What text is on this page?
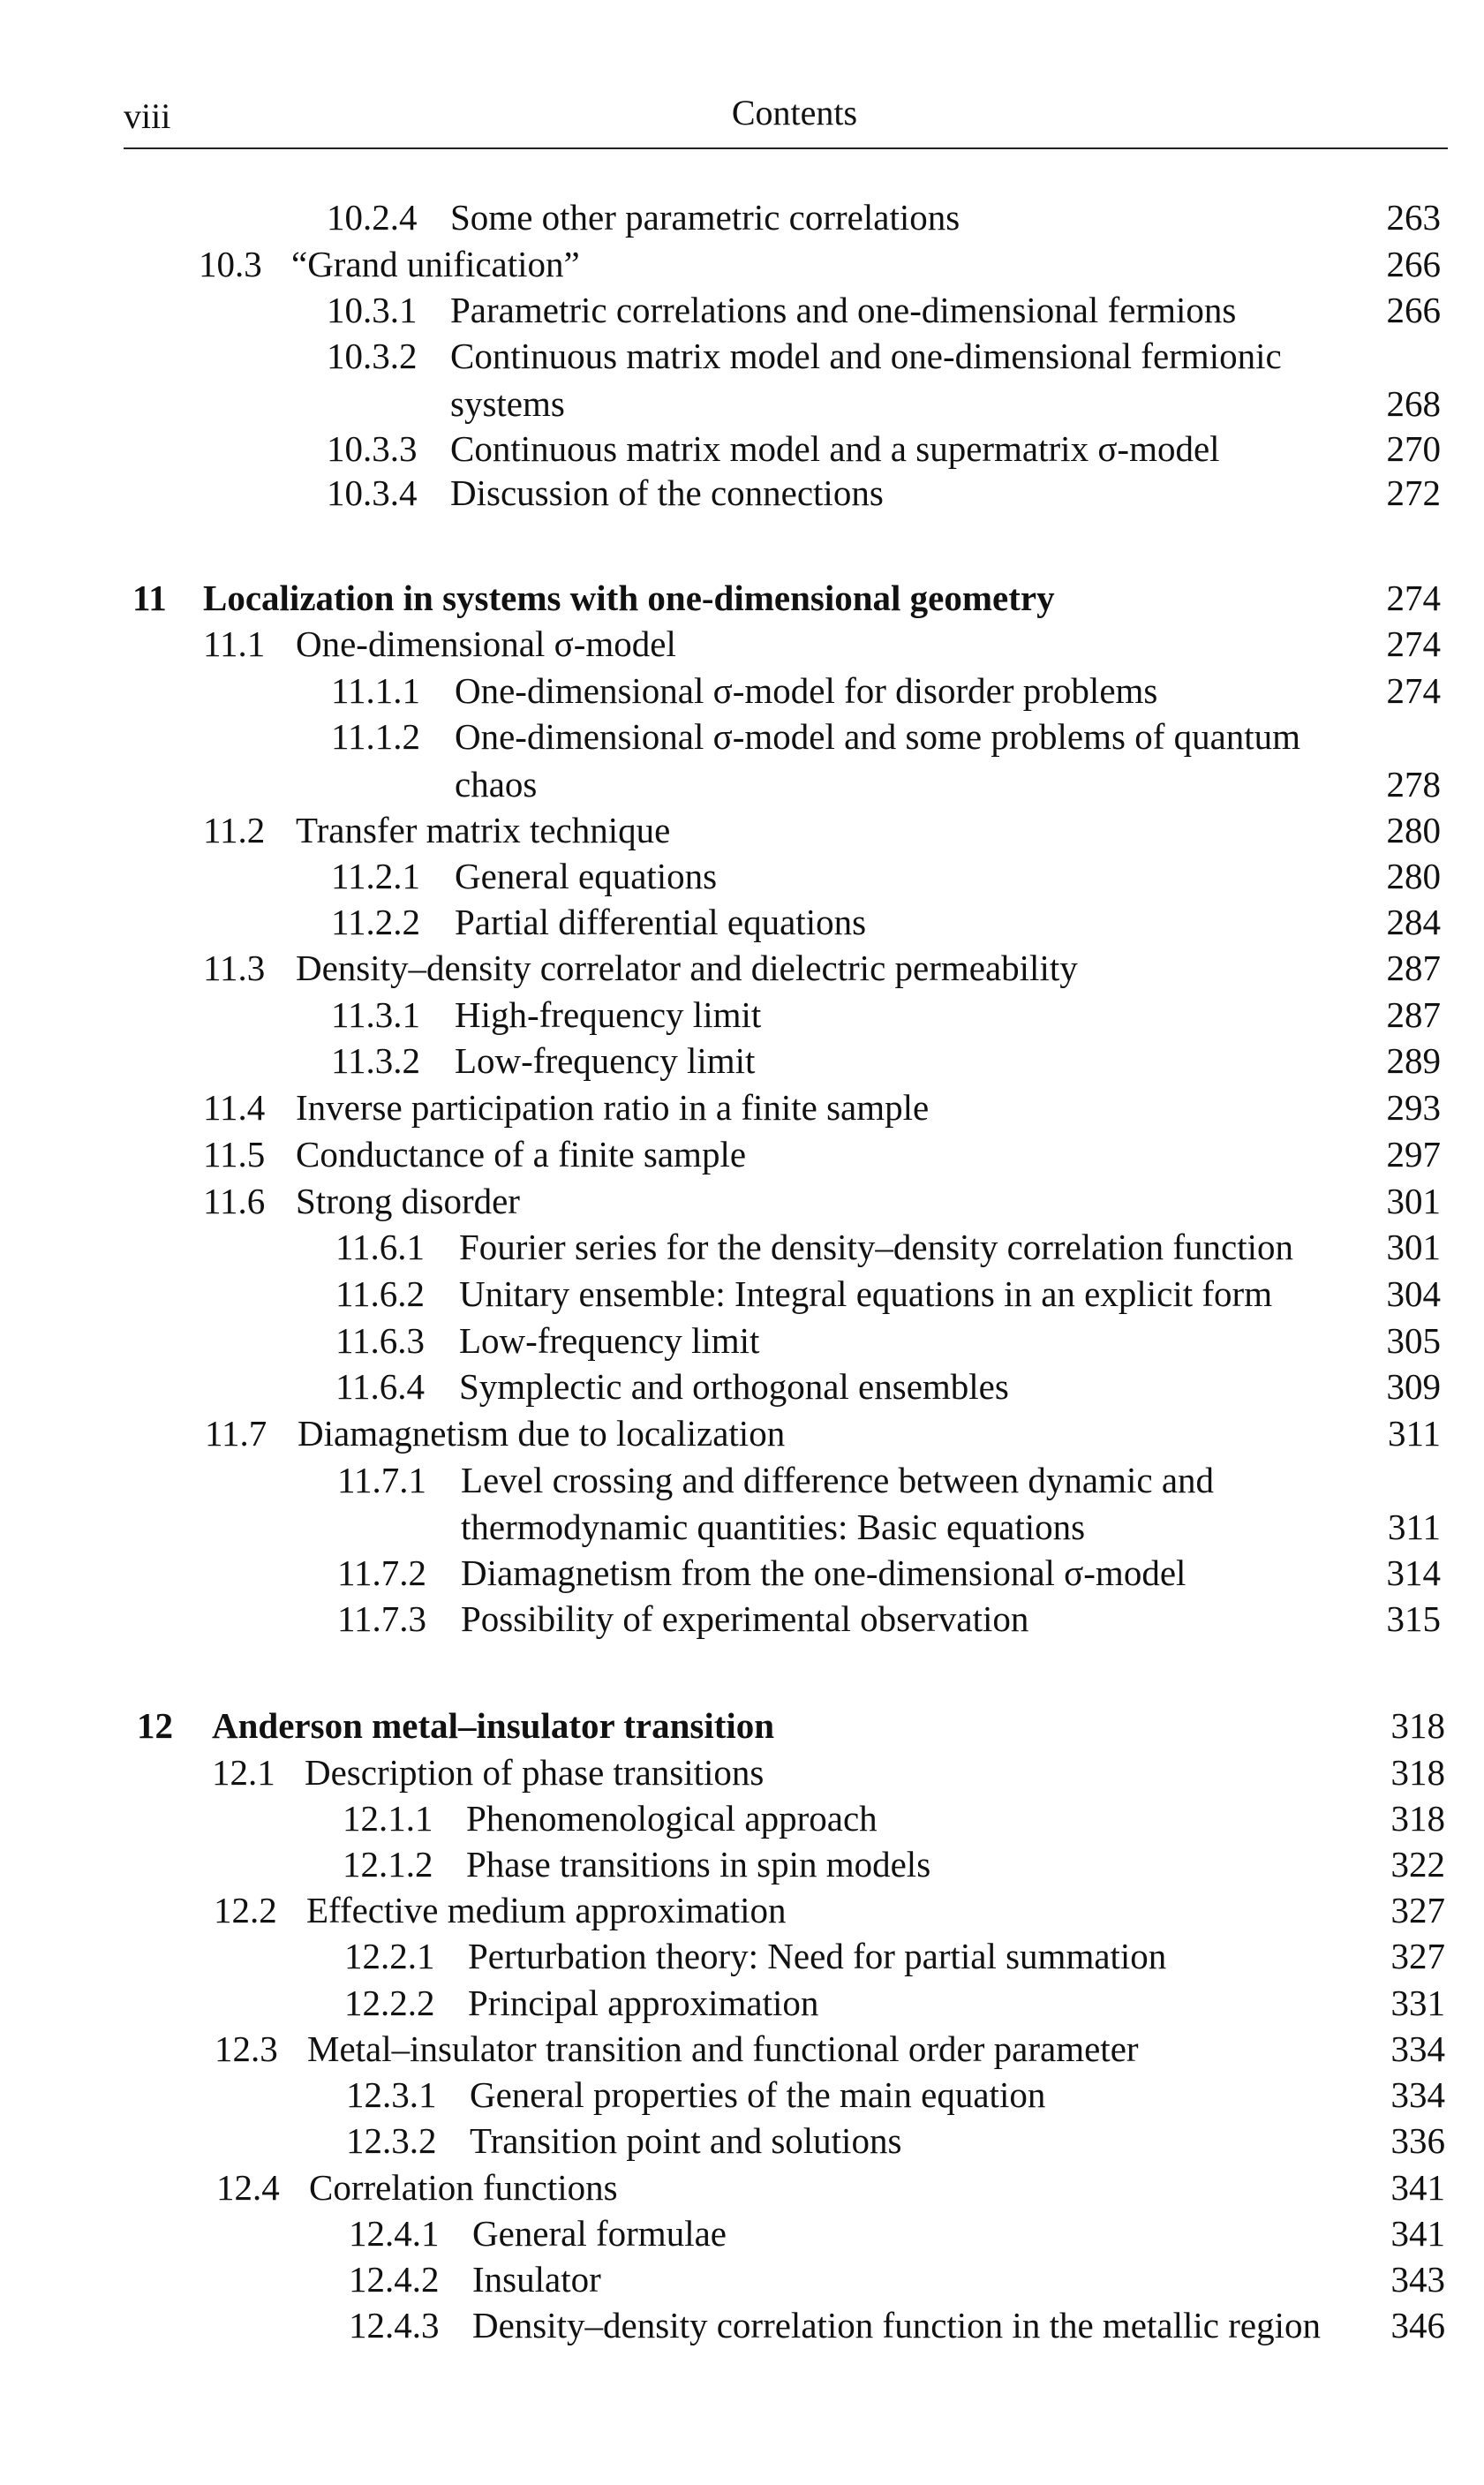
viii	Contents
10.2.4 Some other parametric correlations	263
10.3 “Grand unification”	266
10.3.1 Parametric correlations and one-dimensional fermions	266
10.3.2 Continuous matrix model and one-dimensional fermionic
systems	268
10.3.3 Continuous matrix model and a supermatrix σ-model	270
10.3.4 Discussion of the connections	272
11 Localization in systems with one-dimensional geometry	274
11.1 One-dimensional σ-model	274
11.1.1 One-dimensional σ-model for disorder problems	274
11.1.2 One-dimensional σ-model and some problems of quantum
chaos	278
11.2 Transfer matrix technique	280
11.2.1 General equations	280
11.2.2 Partial differential equations	284
11.3 Density–density correlator and dielectric permeability	287
11.3.1 High-frequency limit	287
11.3.2 Low-frequency limit	289
11.4 Inverse participation ratio in a finite sample	293
11.5 Conductance of a finite sample	297
11.6 Strong disorder	301
11.6.1 Fourier series for the density–density correlation function	301
11.6.2 Unitary ensemble: Integral equations in an explicit form	304
11.6.3 Low-frequency limit	305
11.6.4 Symplectic and orthogonal ensembles	309
11.7 Diamagnetism due to localization	311
11.7.1 Level crossing and difference between dynamic and
thermodynamic quantities: Basic equations	311
11.7.2 Diamagnetism from the one-dimensional σ-model	314
11.7.3 Possibility of experimental observation	315
12 Anderson metal–insulator transition	318
12.1 Description of phase transitions	318
12.1.1 Phenomenological approach	318
12.1.2 Phase transitions in spin models	322
12.2 Effective medium approximation	327
12.2.1 Perturbation theory: Need for partial summation	327
12.2.2 Principal approximation	331
12.3 Metal–insulator transition and functional order parameter	334
12.3.1 General properties of the main equation	334
12.3.2 Transition point and solutions	336
12.4 Correlation functions	341
12.4.1 General formulae	341
12.4.2 Insulator	343
12.4.3 Density–density correlation function in the metallic region 346
